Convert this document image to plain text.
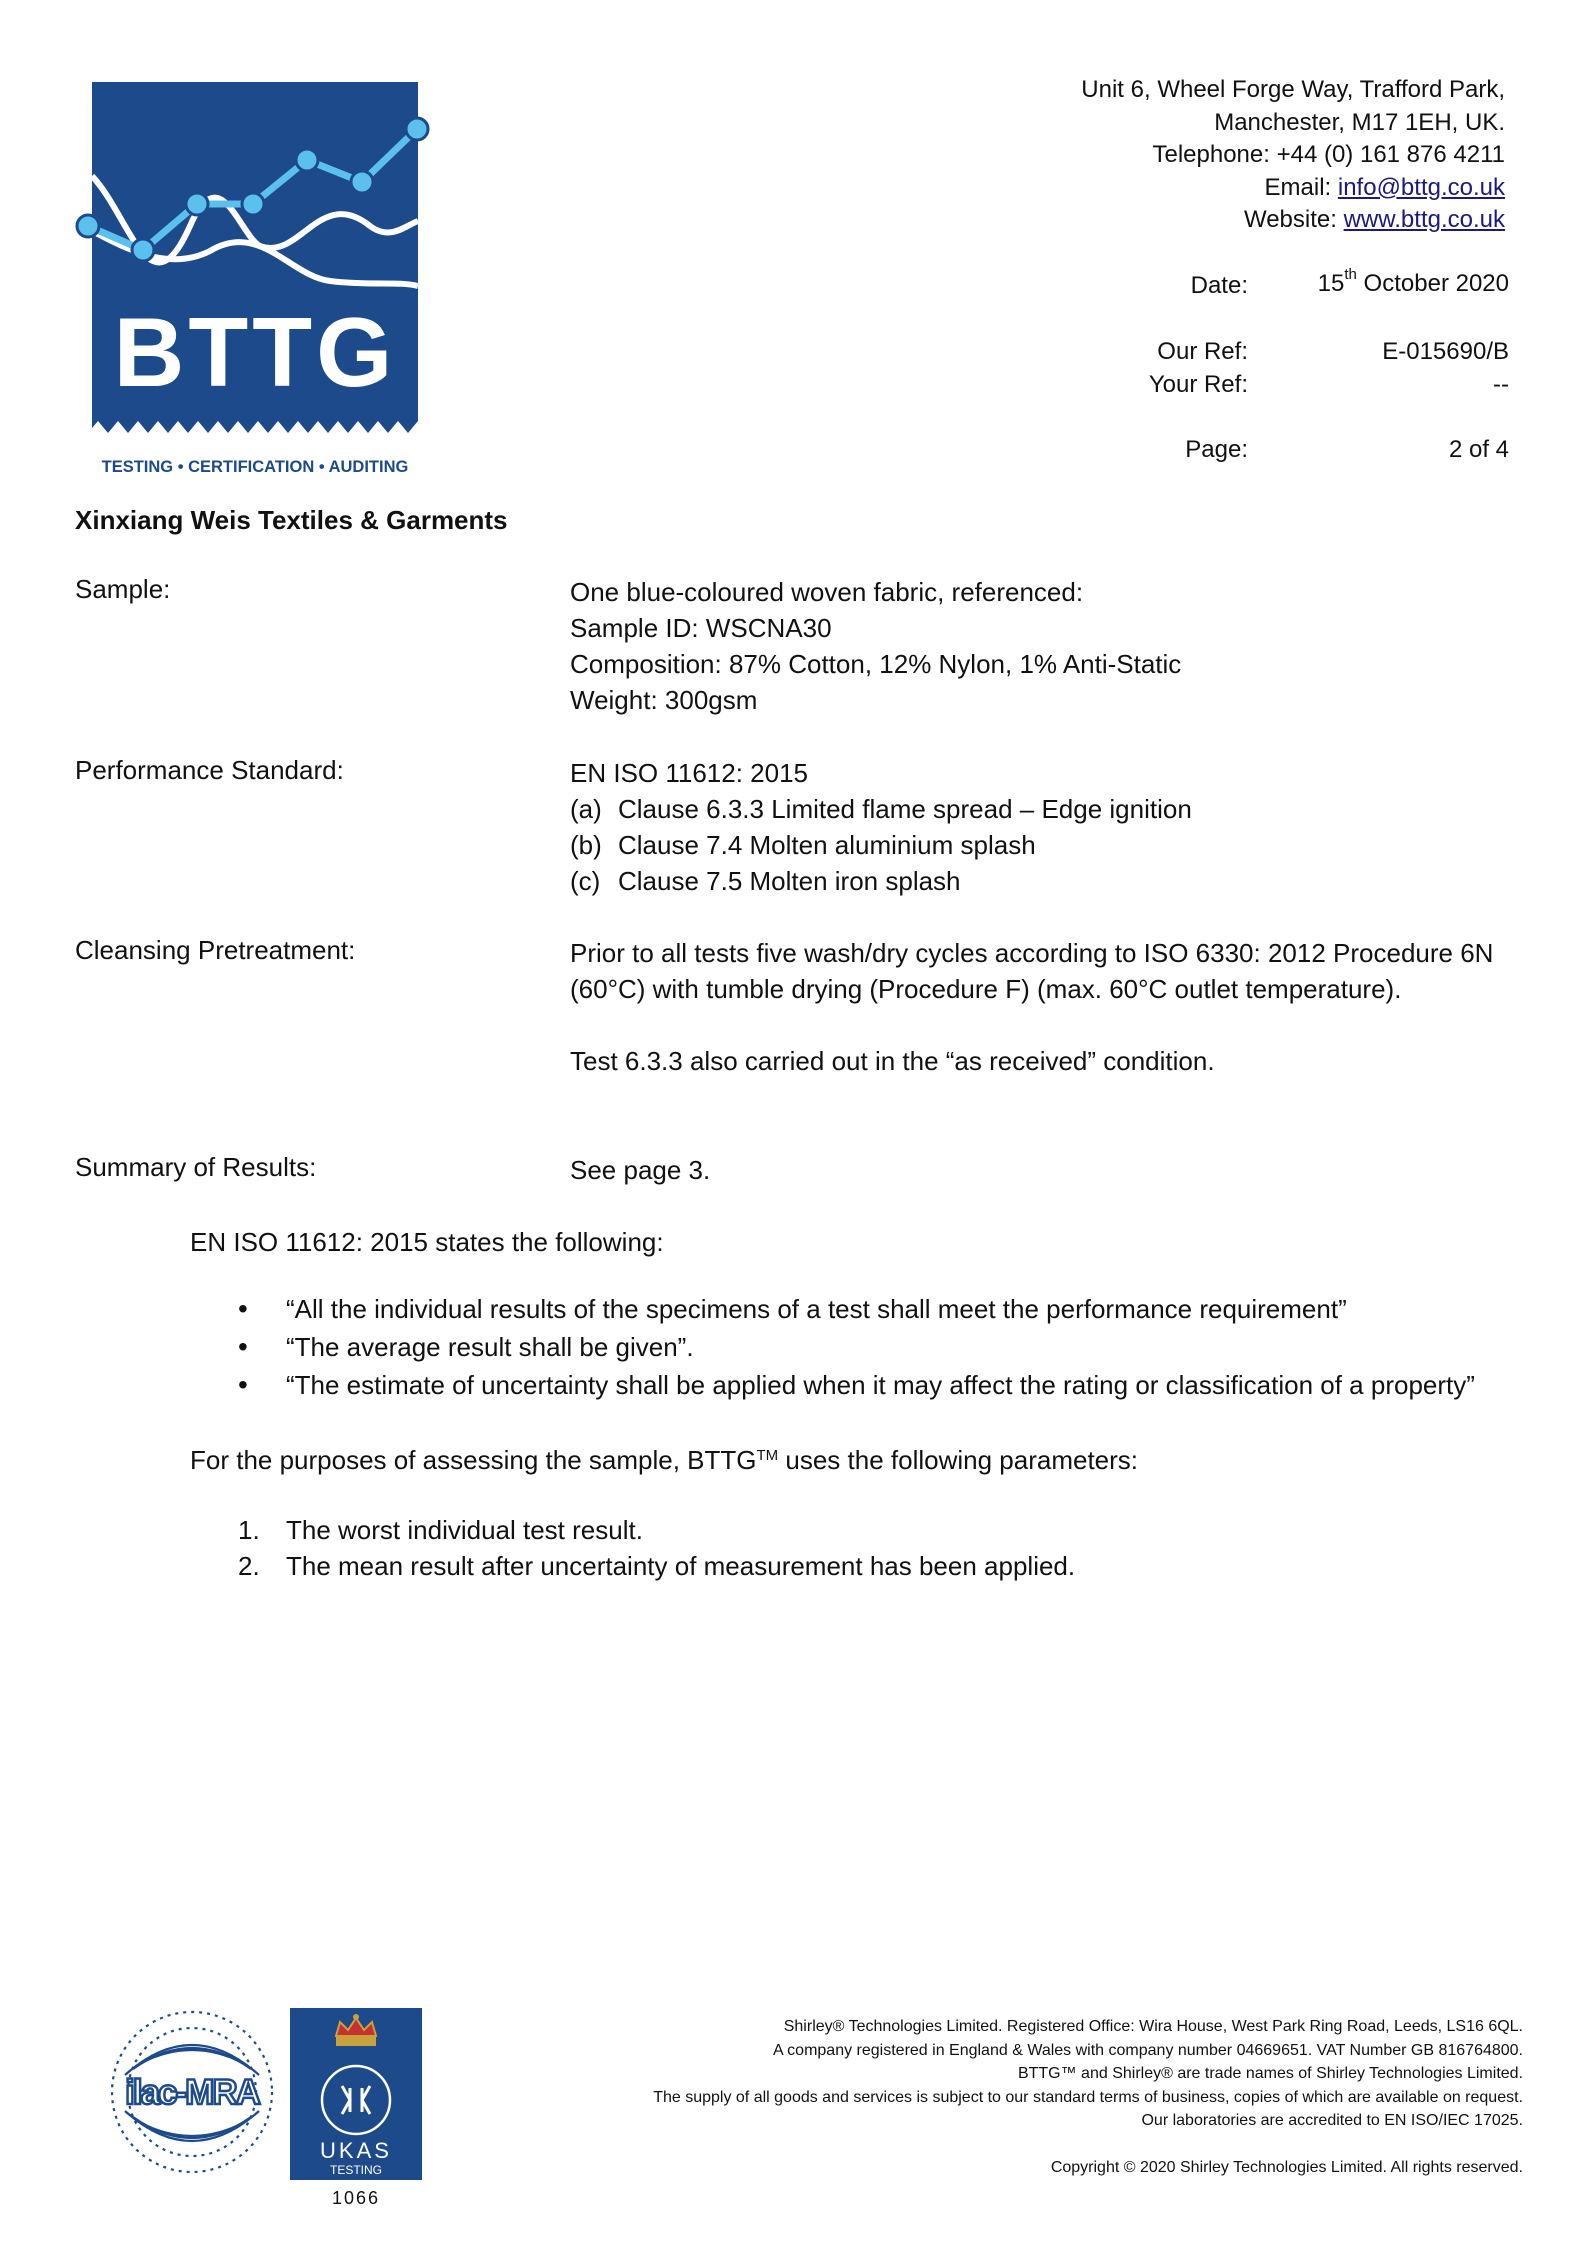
BTTG
TESTING • CERTIFICATION • AUDITING
Unit 6, Wheel Forge Way, Trafford Park,
Manchester, M17 1EH, UK.
Telephone: +44 (0) 161 876 4211
Email: info@bttg.co.uk
Website: www.bttg.co.uk
Date:	15th October 2020
Our Ref:	E-015690/B
Your Ref:	--
Page:	2 of 4
Xinxiang Weis Textiles & Garments
Sample:	One blue-coloured woven fabric, referenced:
Sample ID: WSCNA30
Composition: 87% Cotton, 12% Nylon, 1% Anti-Static
Weight: 300gsm
Performance Standard:	EN ISO 11612: 2015
(a) Clause 6.3.3 Limited flame spread – Edge ignition
(b) Clause 7.4 Molten aluminium splash
(c) Clause 7.5 Molten iron splash
Cleansing Pretreatment:	Prior to all tests five wash/dry cycles according to ISO 6330: 2012 Procedure 6N
(60°C) with tumble drying (Procedure F) (max. 60°C outlet temperature).
Test 6.3.3 also carried out in the “as received” condition.
Summary of Results:	See page 3.
EN ISO 11612: 2015 states the following:
• “All the individual results of the specimens of a test shall meet the performance requirement”
• “The average result shall be given”.
• “The estimate of uncertainty shall be applied when it may affect the rating or classification of a property”
For the purposes of assessing the sample, BTTG™ uses the following parameters:
1.	The worst individual test result.
2.	The mean result after uncertainty of measurement has been applied.
ilac-MRA
UKAS
TESTING
1066
Shirley® Technologies Limited. Registered Office: Wira House, West Park Ring Road, Leeds, LS16 6QL.
A company registered in England & Wales with company number 04669651. VAT Number GB 816764800.
BTTG™ and Shirley® are trade names of Shirley Technologies Limited.
The supply of all goods and services is subject to our standard terms of business, copies of which are available on request.
Our laboratories are accredited to EN ISO/IEC 17025.
Copyright © 2020 Shirley Technologies Limited. All rights reserved.
